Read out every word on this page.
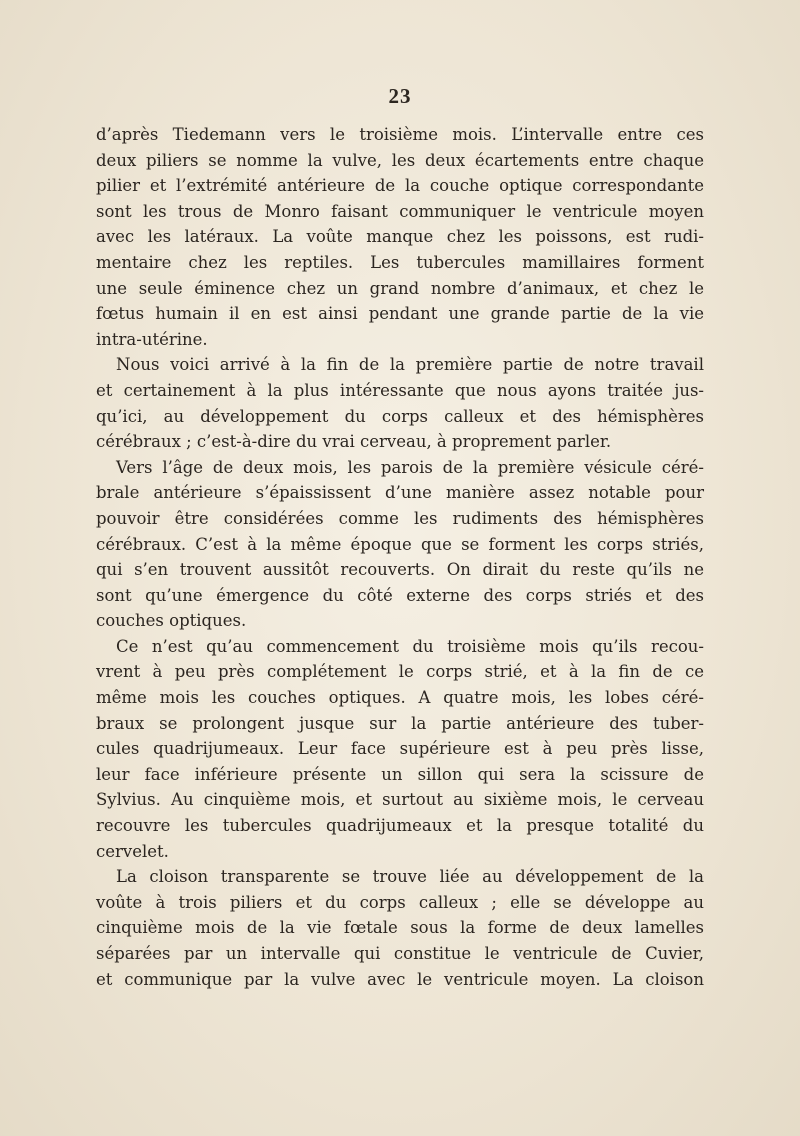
23

d’après Tiedemann vers le troisième mois. L’intervalle entre ces
deux piliers se nomme la vulve, les deux écartements entre chaque
pilier et l’extrémité antérieure de la couche optique correspondante
sont les trous de Monro faisant communiquer le ventricule moyen
avec les latéraux. La voûte manque chez les poissons, est rudi-
mentaire chez les reptiles. Les tubercules mamillaires forment
une seule éminence chez un grand nombre d’animaux, et chez le
fœtus humain il en est ainsi pendant une grande partie de la vie
intra-utérine.

Nous voici arrivé à la fin de la première partie de notre travail
et certainement à la plus intéressante que nous ayons traitée jus-
qu’ici, au développement du corps calleux et des hémisphères
cérébraux ; c’est-à-dire du vrai cerveau, à proprement parler.

Vers l’âge de deux mois, les parois de la première vésicule céré-
brale antérieure s’épaississent d’une manière assez notable pour
pouvoir être considérées comme les rudiments des hémisphères
cérébraux. C’est à la même époque que se forment les corps striés,
qui s’en trouvent aussitôt recouverts. On dirait du reste qu’ils ne
sont qu’une émergence du côté externe des corps striés et des
couches optiques.

Ce n’est qu’au commencement du troisième mois qu’ils recou-
vrent à peu près complétement le corps strié, et à la fin de ce
même mois les couches optiques. A quatre mois, les lobes céré-
braux se prolongent jusque sur la partie antérieure des tuber-
cules quadrijumeaux. Leur face supérieure est à peu près lisse,
leur face inférieure présente un sillon qui sera la scissure de
Sylvius. Au cinquième mois, et surtout au sixième mois, le cerveau
recouvre les tubercules quadrijumeaux et la presque totalité du
cervelet.

La cloison transparente se trouve liée au développement de la
voûte à trois piliers et du corps calleux ; elle se développe au
cinquième mois de la vie fœtale sous la forme de deux lamelles
séparées par un intervalle qui constitue le ventricule de Cuvier,
et communique par la vulve avec le ventricule moyen. La cloison
